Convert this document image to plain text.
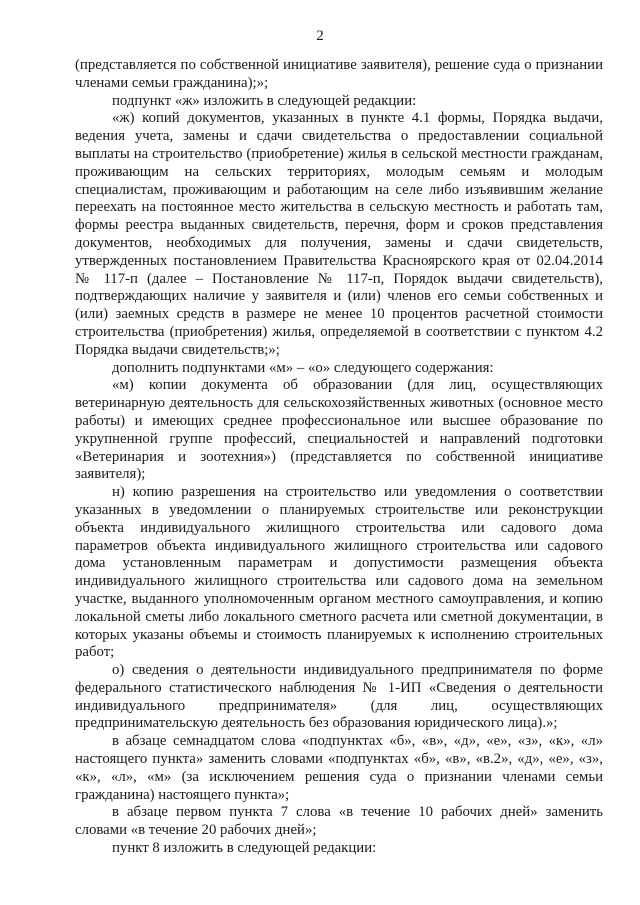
2

(представляется по собственной инициативе заявителя), решение суда о признании членами семьи гражданина);»;

подпункт «ж» изложить в следующей редакции:

«ж) копий документов, указанных в пункте 4.1 формы, Порядка выдачи, ведения учета, замены и сдачи свидетельства о предоставлении социальной выплаты на строительство (приобретение) жилья в сельской местности гражданам, проживающим на сельских территориях, молодым семьям и молодым специалистам, проживающим и работающим на селе либо изъявившим желание переехать на постоянное место жительства в сельскую местность и работать там, формы реестра выданных свидетельств, перечня, форм и сроков представления документов, необходимых для получения, замены и сдачи свидетельств, утвержденных постановлением Правительства Красноярского края от 02.04.2014 № 117-п (далее – Постановление № 117-п, Порядок выдачи свидетельств), подтверждающих наличие у заявителя и (или) членов его семьи собственных и (или) заемных средств в размере не менее 10 процентов расчетной стоимости строительства (приобретения) жилья, определяемой в соответствии с пунктом 4.2 Порядка выдачи свидетельств;»;

дополнить подпунктами «м» – «о» следующего содержания:

«м) копии документа об образовании (для лиц, осуществляющих ветеринарную деятельность для сельскохозяйственных животных (основное место работы) и имеющих среднее профессиональное или высшее образование по укрупненной группе профессий, специальностей и направлений подготовки «Ветеринария и зоотехния») (представляется по собственной инициативе заявителя);

н) копию разрешения на строительство или уведомления о соответствии указанных в уведомлении о планируемых строительстве или реконструкции объекта индивидуального жилищного строительства или садового дома параметров объекта индивидуального жилищного строительства или садового дома установленным параметрам и допустимости размещения объекта индивидуального жилищного строительства или садового дома на земельном участке, выданного уполномоченным органом местного самоуправления, и копию локальной сметы либо локального сметного расчета или сметной документации, в которых указаны объемы и стоимость планируемых к исполнению строительных работ;

о) сведения о деятельности индивидуального предпринимателя по форме федерального статистического наблюдения № 1-ИП «Сведения о деятельности индивидуального предпринимателя» (для лиц, осуществляющих предпринимательскую деятельность без образования юридического лица).»;

в абзаце семнадцатом слова «подпунктах «б», «в», «д», «е», «з», «к», «л» настоящего пункта» заменить словами «подпунктах «б», «в», «в.2», «д», «е», «з», «к», «л», «м» (за исключением решения суда о признании членами семьи гражданина) настоящего пункта»;

в абзаце первом пункта 7 слова «в течение 10 рабочих дней» заменить словами «в течение 20 рабочих дней»;

пункт 8 изложить в следующей редакции:
